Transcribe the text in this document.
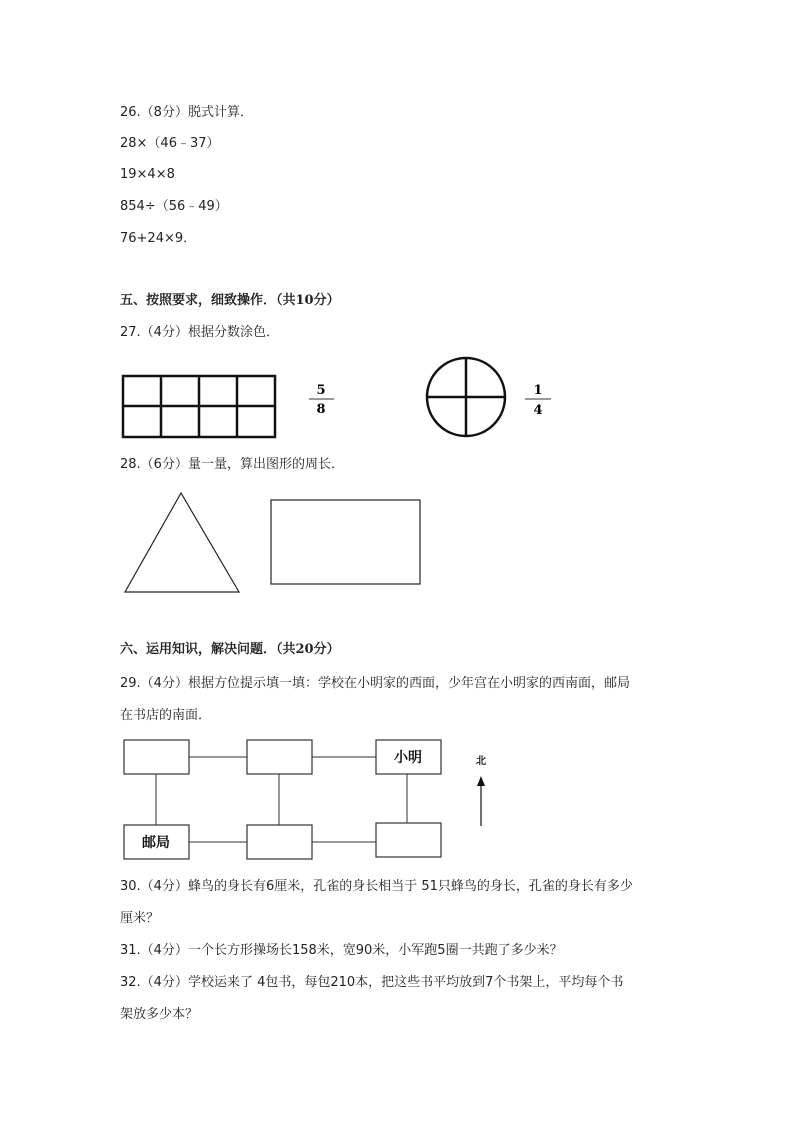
26.（8分）脱式计算．
28×（46﹣37）
19×4×8
854÷（56﹣49）
76+24×9．
五、按照要求，细致操作．（共10分）
27.（4分）根据分数涂色．
5
8
1
4
小明
邮局
北
28.（6分）量一量，算出图形的周长．
六、运用知识，解决问题．（共20分）
29.（4分）根据方位提示填一填：学校在小明家的西面，少年宫在小明家的西南面，邮局
在书店的南面．
30.（4分）蜂鸟的身长有6厘米，孔雀的身长相当于 51只蜂鸟的身长，孔雀的身长有多少
厘米？
31.（4分）一个长方形操场长158米，宽90米，小军跑5圈一共跑了多少米？
32.（4分）学校运来了 4包书，每包210本，把这些书平均放到7个书架上，平均每个书
架放多少本？
